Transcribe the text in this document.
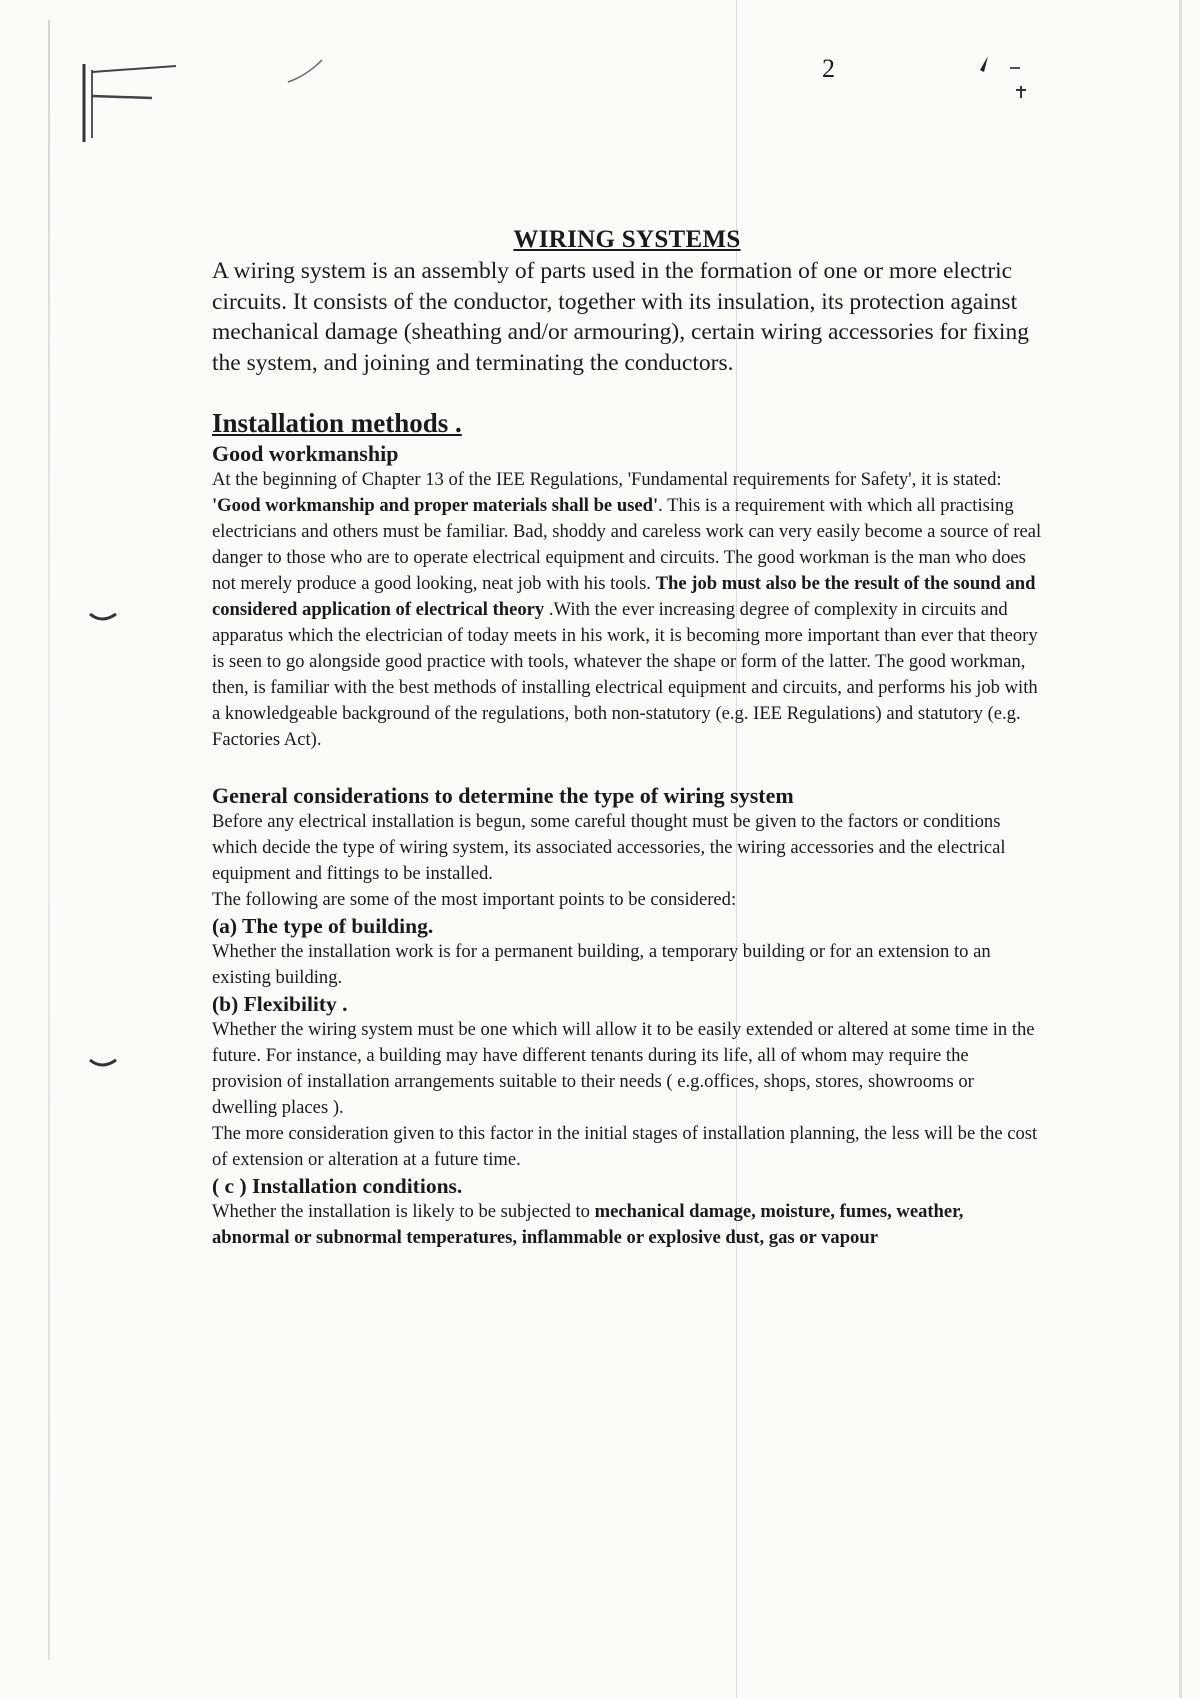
2
WIRING SYSTEMS

A wiring system is an assembly of parts used in the formation of one or more electric circuits. It consists of the conductor, together with its insulation, its protection against mechanical damage (sheathing and/or armouring), certain wiring accessories for fixing the system, and joining and terminating the conductors.

Installation methods .
Good workmanship

At the beginning of Chapter 13 of the IEE Regulations, 'Fundamental requirements for Safety', it is stated: 'Good workmanship and proper materials shall be used'. This is a requirement with which all practising electricians and others must be familiar. Bad, shoddy and careless work can very easily become a source of real danger to those who are to operate electrical equipment and circuits. The good workman is the man who does not merely produce a good looking, neat job with his tools. The job must also be the result of the sound and considered application of electrical theory .With the ever increasing degree of complexity in circuits and apparatus which the electrician of today meets in his work, it is becoming more important than ever that theory is seen to go alongside good practice with tools, whatever the shape or form of the latter. The good workman, then, is familiar with the best methods of installing electrical equipment and circuits, and performs his job with a knowledgeable background of the regulations, both non-statutory (e.g. IEE Regulations) and statutory (e.g. Factories Act).

General considerations to determine the type of wiring system

Before any electrical installation is begun, some careful thought must be given to the factors or conditions which decide the type of wiring system, its associated accessories, the wiring accessories and the electrical equipment and fittings to be installed.

The following are some of the most important points to be considered:

(a) The type of building.

Whether the installation work is for a permanent building, a temporary building or for an extension to an existing building.

(b) Flexibility .

Whether the wiring system must be one which will allow it to be easily extended or altered at some time in the future. For instance, a building may have different tenants during its life, all of whom may require the provision of installation arrangements suitable to their needs ( e.g.offices, shops, stores, showrooms or dwelling places ).
The more consideration given to this factor in the initial stages of installation planning, the less will be the cost of extension or alteration at a future time.

( c ) Installation conditions.

Whether the installation is likely to be subjected to mechanical damage, moisture, fumes, weather, abnormal or subnormal temperatures, inflammable or explosive dust, gas or vapour
